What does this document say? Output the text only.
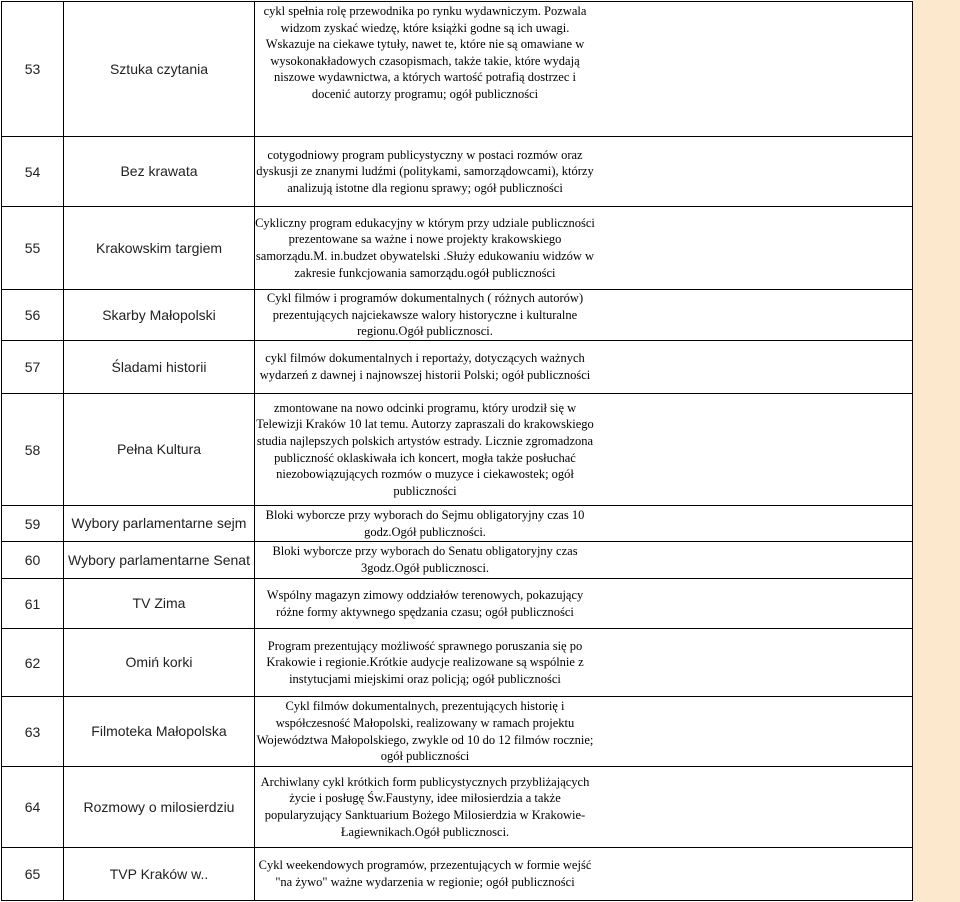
53	Sztuka czytania	cykl spełnia rolę przewodnika po rynku wydawniczym. Pozwala widzom zyskać wiedzę, które książki godne są ich uwagi. Wskazuje na ciekawe tytuły, nawet te, które nie są omawiane w wysokonakładowych czasopismach, także takie, które wydają niszowe wydawnictwa, a których wartość potrafią dostrzec i docenić autorzy programu; ogół publiczności

54	Bez krawata	cotygodniowy program publicystyczny w postaci rozmów oraz dyskusji ze znanymi ludźmi (politykami, samorządowcami), którzy analizują istotne dla regionu sprawy; ogół publiczności

55	Krakowskim targiem	Cykliczny program edukacyjny w którym przy udziale publiczności prezentowane sa ważne i nowe projekty krakowskiego samorządu.M. in.budzet obywatelski .Służy edukowaniu widzów w zakresie funkcjowania samorządu.ogół publiczności

56	Skarby Małopolski	Cykl filmów i programów dokumentalnych ( różnych autorów) prezentujących najciekawsze walory historyczne i kulturalne regionu.Ogół publicznosci.

57	Śladami historii	cykl filmów dokumentalnych i reportaży, dotyczących ważnych wydarzeń z dawnej i najnowszej historii Polski; ogół publiczności

58	Pełna Kultura	zmontowane na nowo odcinki programu, który urodził się w Telewizji Kraków 10 lat temu. Autorzy zapraszali do krakowskiego studia najlepszych polskich artystów estrady. Licznie zgromadzona publiczność oklaskiwała ich koncert, mogła także posłuchać niezobowiązujących rozmów o muzyce i ciekawostek; ogół publiczności

59	Wybory parlamentarne sejm	Bloki wyborcze przy wyborach do Sejmu obligatoryjny czas 10 godz.Ogół publiczności.

60	Wybory parlamentarne Senat	Bloki wyborcze przy wyborach do Senatu obligatoryjny czas 3godz.Ogół publicznosci.

61	TV Zima	Wspólny magazyn zimowy oddziałów terenowych, pokazujący różne formy aktywnego spędzania czasu; ogół publiczności

62	Omiń korki	Program prezentujący możliwość sprawnego poruszania się po Krakowie i regionie.Krótkie audycje realizowane są wspólnie z instytucjami miejskimi oraz policją; ogół publiczności

63	Filmoteka Małopolska	Cykl filmów dokumentalnych, prezentujących historię i współczesność Małopolski, realizowany w ramach projektu Województwa Małopolskiego, zwykle od 10 do 12 filmów rocznie; ogół publiczności

64	Rozmowy o milosierdziu	Archiwlany cykl krótkich form publicystycznych przybliżających życie i posługę Św.Faustyny, idee miłosierdzia a także popularyzujący Sanktuarium Bożego Milosierdzia w Krakowie-Łagiewnikach.Ogół publicznosci.

65	TVP Kraków w..	Cykl weekendowych programów, przezentujących w formie wejść "na żywo" ważne wydarzenia w regionie; ogół publiczności
